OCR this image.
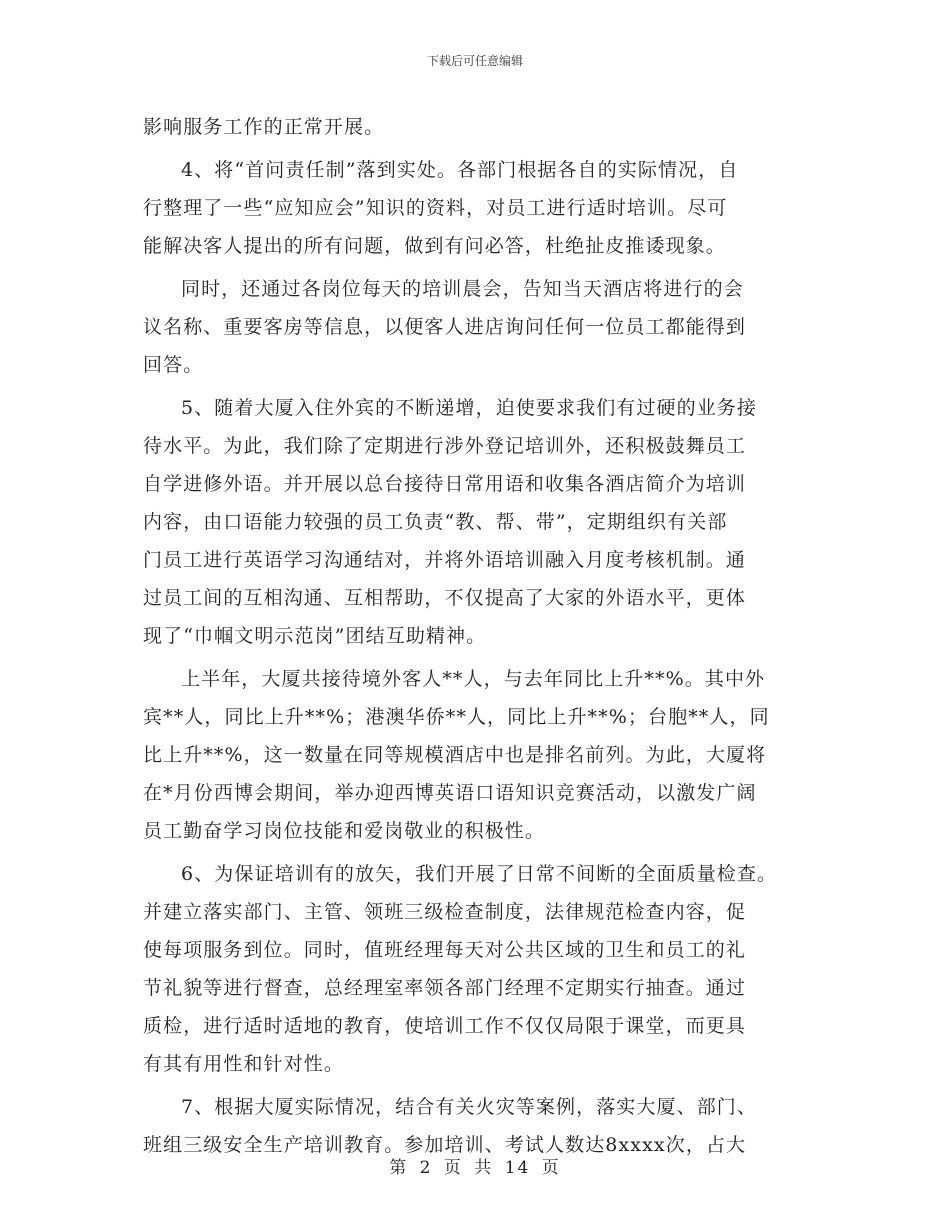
下载后可任意编辑
影响服务工作的正常开展。
4、将“首问责任制”落到实处。各部门根据各自的实际情况，自
行整理了一些“应知应会”知识的资料，对员工进行适时培训。尽可
能解决客人提出的所有问题，做到有问必答，杜绝扯皮推诿现象。
同时，还通过各岗位每天的培训晨会，告知当天酒店将进行的会
议名称、重要客房等信息，以便客人进店询问任何一位员工都能得到
回答。
5、随着大厦入住外宾的不断递增，迫使要求我们有过硬的业务接
待水平。为此，我们除了定期进行涉外登记培训外，还积极鼓舞员工
自学进修外语。并开展以总台接待日常用语和收集各酒店简介为培训
内容，由口语能力较强的员工负责“教、帮、带”，定期组织有关部
门员工进行英语学习沟通结对，并将外语培训融入月度考核机制。通
过员工间的互相沟通、互相帮助，不仅提高了大家的外语水平，更体
现了“巾帼文明示范岗”团结互助精神。
上半年，大厦共接待境外客人**人，与去年同比上升**%。其中外
宾**人，同比上升**%；港澳华侨**人，同比上升**%；台胞**人，同
比上升**%，这一数量在同等规模酒店中也是排名前列。为此，大厦将
在*月份西博会期间，举办迎西博英语口语知识竞赛活动，以激发广阔
员工勤奋学习岗位技能和爱岗敬业的积极性。
6、为保证培训有的放矢，我们开展了日常不间断的全面质量检查。
并建立落实部门、主管、领班三级检查制度，法律规范检查内容，促
使每项服务到位。同时，值班经理每天对公共区域的卫生和员工的礼
节礼貌等进行督查，总经理室率领各部门经理不定期实行抽查。通过
质检，进行适时适地的教育，使培训工作不仅仅局限于课堂，而更具
有其有用性和针对性。
7、根据大厦实际情况，结合有关火灾等案例，落实大厦、部门、
班组三级安全生产培训教育。参加培训、考试人数达8xxxx次，占大
第 2 页 共 14 页
